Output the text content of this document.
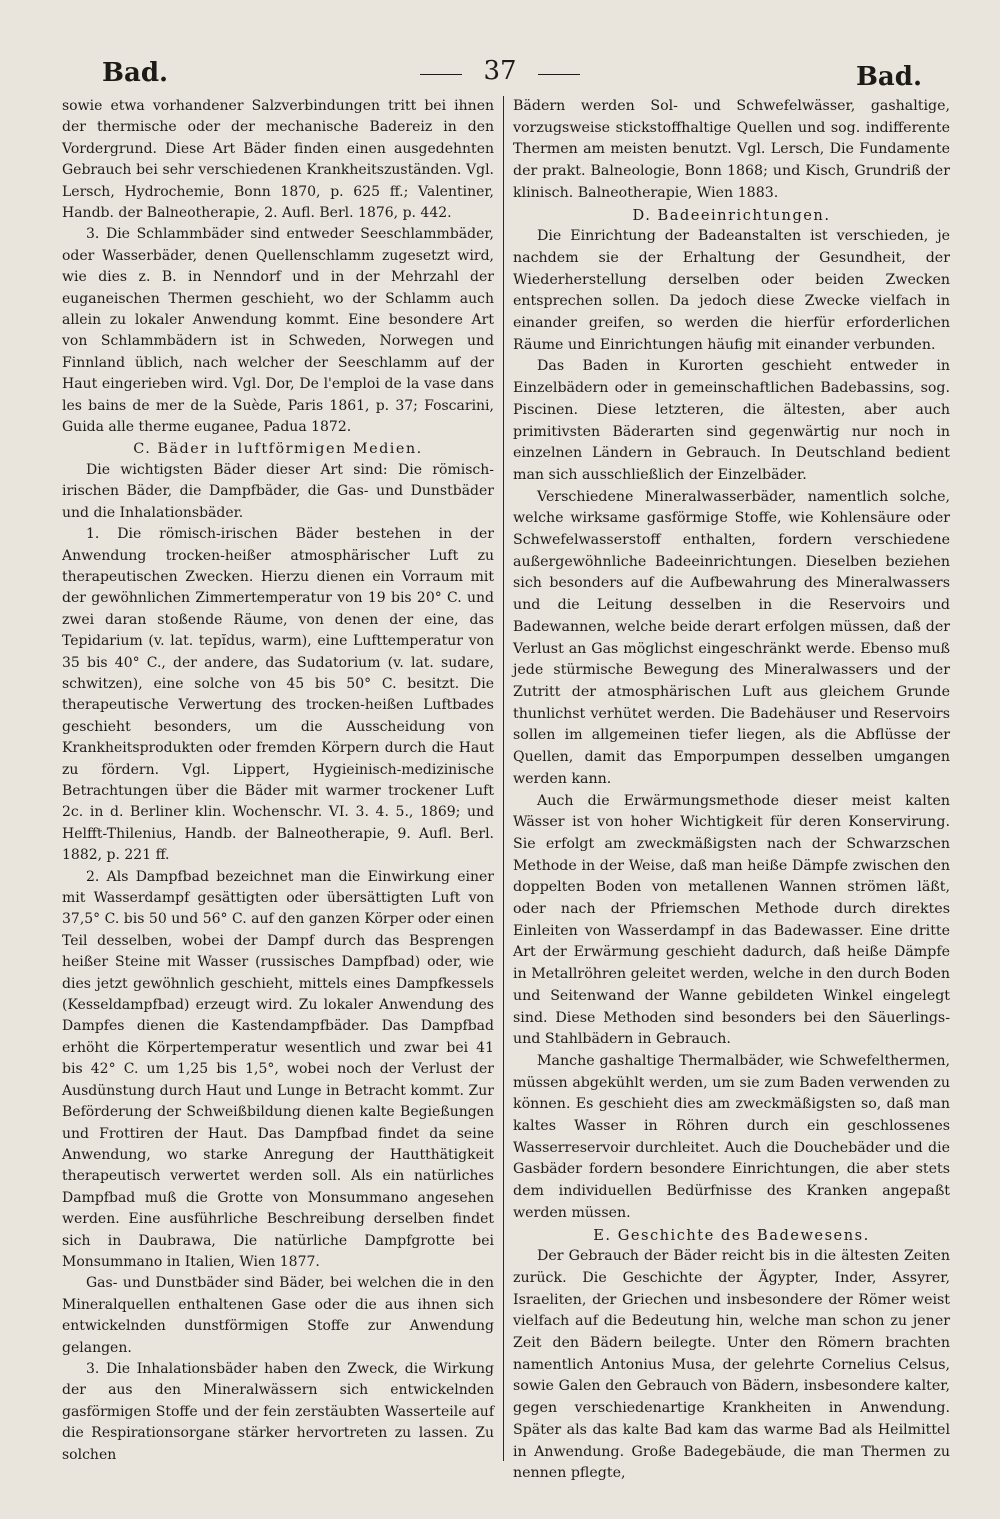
Bad.	37	Bad.

sowie etwa vorhandener Salzverbindungen tritt bei ihnen der thermische oder der mechanische Badereiz in den Vordergrund. Diese Art Bäder finden einen ausgedehnten Gebrauch bei sehr verschiedenen Krankheitszuständen. Vgl. Lersch, Hydrochemie, Bonn 1870, p. 625 ff.; Valentiner, Handb. der Balneotherapie, 2. Aufl. Berl. 1876, p. 442.

3. Die Schlammbäder sind entweder Seeschlammbäder, oder Wasserbäder, denen Quellenschlamm zugesetzt wird, wie dies z. B. in Nenndorf und in der Mehrzahl der euganeischen Thermen geschieht, wo der Schlamm auch allein zu lokaler Anwendung kommt. Eine besondere Art von Schlammbädern ist in Schweden, Norwegen und Finnland üblich, nach welcher der Seeschlamm auf der Haut eingerieben wird. Vgl. Dor, De l'emploi de la vase dans les bains de mer de la Suède, Paris 1861, p. 37; Foscarini, Guida alle therme euganee, Padua 1872.

C. Bäder in luftförmigen Medien.

Die wichtigsten Bäder dieser Art sind: Die römisch-irischen Bäder, die Dampfbäder, die Gas- und Dunstbäder und die Inhalationsbäder.

1. Die römisch-irischen Bäder bestehen in der Anwendung trocken-heißer atmosphärischer Luft zu therapeutischen Zwecken. Hierzu dienen ein Vorraum mit der gewöhnlichen Zimmertemperatur von 19 bis 20° C. und zwei daran stoßende Räume, von denen der eine, das Tepidarium (v. lat. tepĭdus, warm), eine Lufttemperatur von 35 bis 40° C., der andere, das Sudatorium (v. lat. sudare, schwitzen), eine solche von 45 bis 50° C. besitzt. Die therapeutische Verwertung des trocken-heißen Luftbades geschieht besonders, um die Ausscheidung von Krankheitsprodukten oder fremden Körpern durch die Haut zu fördern. Vgl. Lippert, Hygieinisch-medizinische Betrachtungen über die Bäder mit warmer trockener Luft 2c. in d. Berliner klin. Wochenschr. VI. 3. 4. 5., 1869; und Helfft-Thilenius, Handb. der Balneotherapie, 9. Aufl. Berl. 1882, p. 221 ff.

2. Als Dampfbad bezeichnet man die Einwirkung einer mit Wasserdampf gesättigten oder übersättigten Luft von 37,5° C. bis 50 und 56° C. auf den ganzen Körper oder einen Teil desselben, wobei der Dampf durch das Besprengen heißer Steine mit Wasser (russisches Dampfbad) oder, wie dies jetzt gewöhnlich geschieht, mittels eines Dampfkessels (Kesseldampfbad) erzeugt wird. Zu lokaler Anwendung des Dampfes dienen die Kastendampfbäder. Das Dampfbad erhöht die Körpertemperatur wesentlich und zwar bei 41 bis 42° C. um 1,25 bis 1,5°, wobei noch der Verlust der Ausdünstung durch Haut und Lunge in Betracht kommt. Zur Beförderung der Schweißbildung dienen kalte Begießungen und Frottiren der Haut. Das Dampfbad findet da seine Anwendung, wo starke Anregung der Hautthätigkeit therapeutisch verwertet werden soll. Als ein natürliches Dampfbad muß die Grotte von Monsummano angesehen werden. Eine ausführliche Beschreibung derselben findet sich in Daubrawa, Die natürliche Dampfgrotte bei Monsummano in Italien, Wien 1877.

Gas- und Dunstbäder sind Bäder, bei welchen die in den Mineralquellen enthaltenen Gase oder die aus ihnen sich entwickelnden dunstförmigen Stoffe zur Anwendung gelangen.

3. Die Inhalationsbäder haben den Zweck, die Wirkung der aus den Mineralwässern sich entwickelnden gasförmigen Stoffe und der fein zerstäubten Wasserteile auf die Respirationsorgane stärker hervortreten zu lassen. Zu solchen

Bädern werden Sol- und Schwefelwässer, gashaltige, vorzugsweise stickstoffhaltige Quellen und sog. indifferente Thermen am meisten benutzt. Vgl. Lersch, Die Fundamente der prakt. Balneologie, Bonn 1868; und Kisch, Grundriß der klinisch. Balneotherapie, Wien 1883.

D. Badeeinrichtungen.

Die Einrichtung der Badeanstalten ist verschieden, je nachdem sie der Erhaltung der Gesundheit, der Wiederherstellung derselben oder beiden Zwecken entsprechen sollen. Da jedoch diese Zwecke vielfach in einander greifen, so werden die hierfür erforderlichen Räume und Einrichtungen häufig mit einander verbunden.

Das Baden in Kurorten geschieht entweder in Einzelbädern oder in gemeinschaftlichen Badebassins, sog. Piscinen. Diese letzteren, die ältesten, aber auch primitivsten Bäderarten sind gegenwärtig nur noch in einzelnen Ländern in Gebrauch. In Deutschland bedient man sich ausschließlich der Einzelbäder.

Verschiedene Mineralwasserbäder, namentlich solche, welche wirksame gasförmige Stoffe, wie Kohlensäure oder Schwefelwasserstoff enthalten, fordern verschiedene außergewöhnliche Badeeinrichtungen. Dieselben beziehen sich besonders auf die Aufbewahrung des Mineralwassers und die Leitung desselben in die Reservoirs und Badewannen, welche beide derart erfolgen müssen, daß der Verlust an Gas möglichst eingeschränkt werde. Ebenso muß jede stürmische Bewegung des Mineralwassers und der Zutritt der atmosphärischen Luft aus gleichem Grunde thunlichst verhütet werden. Die Badehäuser und Reservoirs sollen im allgemeinen tiefer liegen, als die Abflüsse der Quellen, damit das Emporpumpen desselben umgangen werden kann.

Auch die Erwärmungsmethode dieser meist kalten Wässer ist von hoher Wichtigkeit für deren Konservirung. Sie erfolgt am zweckmäßigsten nach der Schwarzschen Methode in der Weise, daß man heiße Dämpfe zwischen den doppelten Boden von metallenen Wannen strömen läßt, oder nach der Pfriemschen Methode durch direktes Einleiten von Wasserdampf in das Badewasser. Eine dritte Art der Erwärmung geschieht dadurch, daß heiße Dämpfe in Metallröhren geleitet werden, welche in den durch Boden und Seitenwand der Wanne gebildeten Winkel eingelegt sind. Diese Methoden sind besonders bei den Säuerlings- und Stahlbädern in Gebrauch.

Manche gashaltige Thermalbäder, wie Schwefelthermen, müssen abgekühlt werden, um sie zum Baden verwenden zu können. Es geschieht dies am zweckmäßigsten so, daß man kaltes Wasser in Röhren durch ein geschlossenes Wasserreservoir durchleitet. Auch die Douchebäder und die Gasbäder fordern besondere Einrichtungen, die aber stets dem individuellen Bedürfnisse des Kranken angepaßt werden müssen.

E. Geschichte des Badewesens.

Der Gebrauch der Bäder reicht bis in die ältesten Zeiten zurück. Die Geschichte der Ägypter, Inder, Assyrer, Israeliten, der Griechen und insbesondere der Römer weist vielfach auf die Bedeutung hin, welche man schon zu jener Zeit den Bädern beilegte. Unter den Römern brachten namentlich Antonius Musa, der gelehrte Cornelius Celsus, sowie Galen den Gebrauch von Bädern, insbesondere kalter, gegen verschiedenartige Krankheiten in Anwendung. Später als das kalte Bad kam das warme Bad als Heilmittel in Anwendung. Große Badegebäude, die man Thermen zu nennen pflegte,
